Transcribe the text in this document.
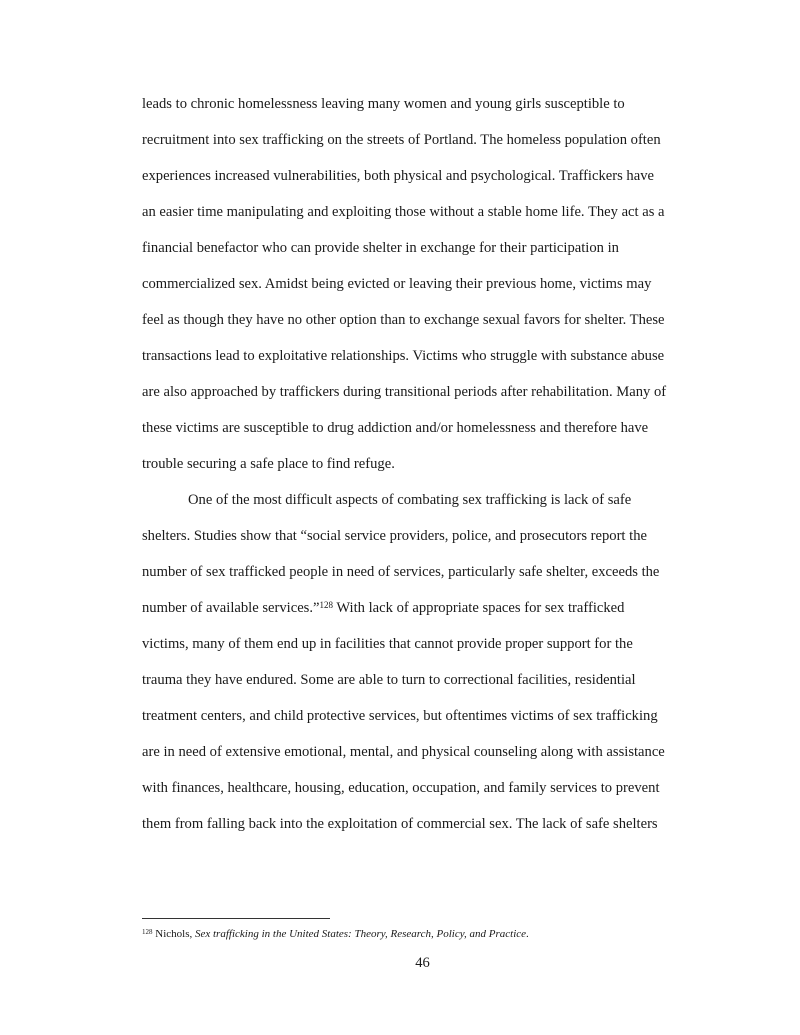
leads to chronic homelessness leaving many women and young girls susceptible to
recruitment into sex trafficking on the streets of Portland. The homeless population often
experiences increased vulnerabilities, both physical and psychological. Traffickers have
an easier time manipulating and exploiting those without a stable home life. They act as a
financial benefactor who can provide shelter in exchange for their participation in
commercialized sex. Amidst being evicted or leaving their previous home, victims may
feel as though they have no other option than to exchange sexual favors for shelter. These
transactions lead to exploitative relationships. Victims who struggle with substance abuse
are also approached by traffickers during transitional periods after rehabilitation. Many of
these victims are susceptible to drug addiction and/or homelessness and therefore have
trouble securing a safe place to find refuge.
One of the most difficult aspects of combating sex trafficking is lack of safe
shelters. Studies show that “social service providers, police, and prosecutors report the
number of sex trafficked people in need of services, particularly safe shelter, exceeds the
number of available services.”$^{128}$ With lack of appropriate spaces for sex trafficked
victims, many of them end up in facilities that cannot provide proper support for the
trauma they have endured. Some are able to turn to correctional facilities, residential
treatment centers, and child protective services, but oftentimes victims of sex trafficking
are in need of extensive emotional, mental, and physical counseling along with assistance
with finances, healthcare, housing, education, occupation, and family services to prevent
them from falling back into the exploitation of commercial sex. The lack of safe shelters
$^{128}$ Nichols, Sex trafficking in the United States: Theory, Research, Policy, and Practice.
46
